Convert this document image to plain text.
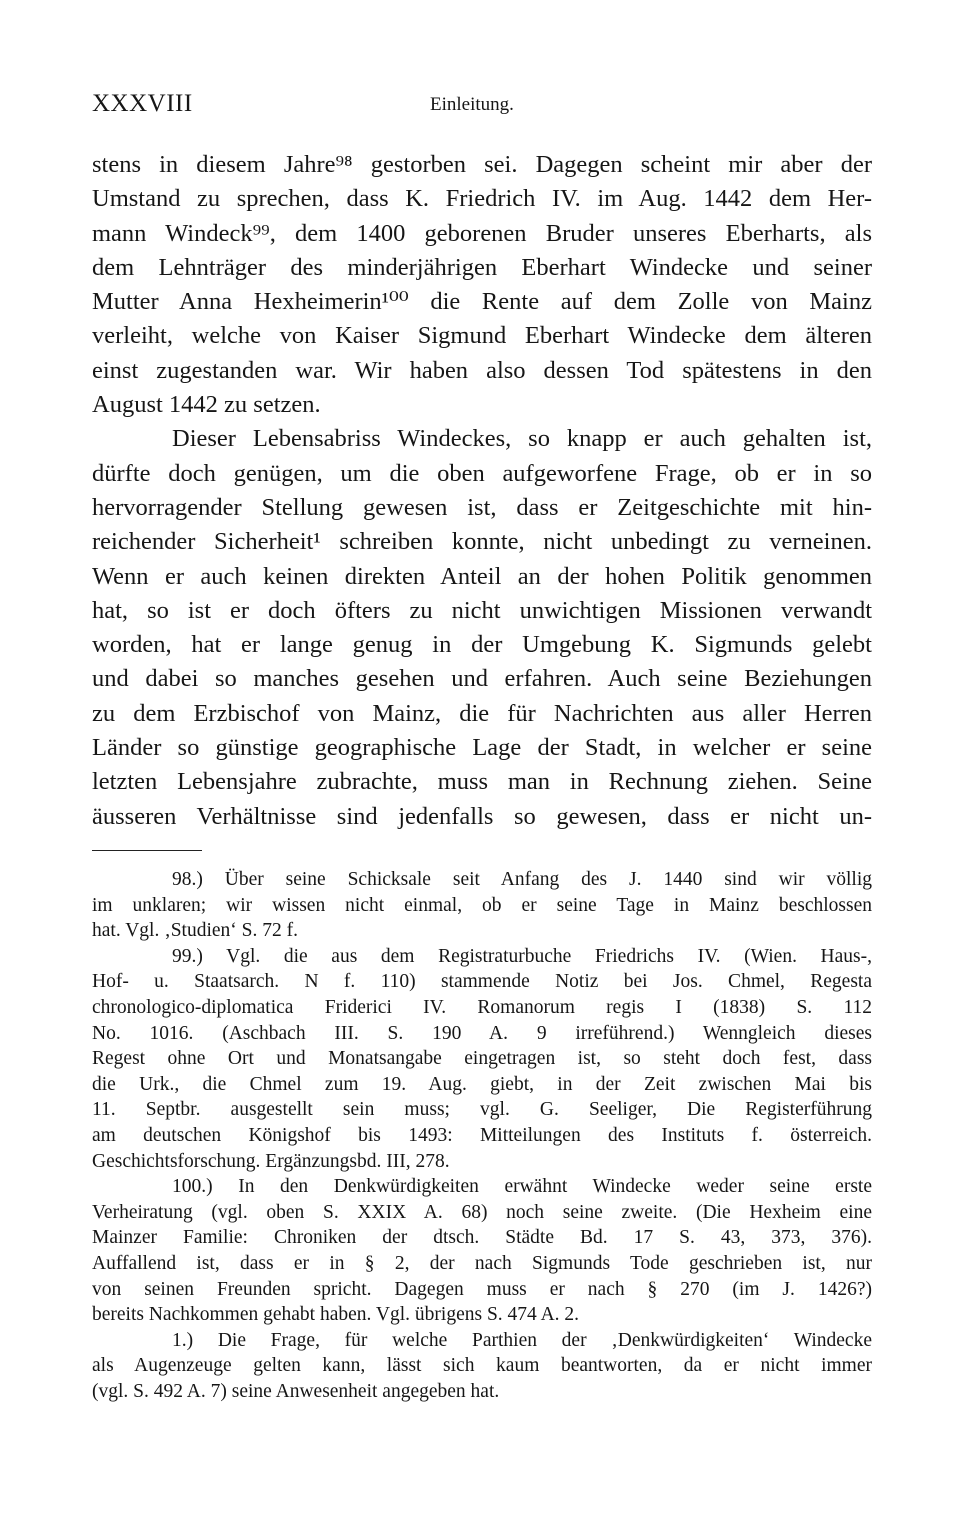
XXXVIII	Einleitung.

stens in diesem Jahre⁹⁸ gestorben sei. Dagegen scheint mir aber der
Umstand zu sprechen, dass K. Friedrich IV. im Aug. 1442 dem Her-
mann Windeck⁹⁹, dem 1400 geborenen Bruder unseres Eberharts, als
dem Lehnträger des minderjährigen Eberhart Windecke und seiner
Mutter Anna Hexheimerin¹⁰⁰ die Rente auf dem Zolle von Mainz
verleiht, welche von Kaiser Sigmund Eberhart Windecke dem älteren
einst zugestanden war. Wir haben also dessen Tod spätestens in den
August 1442 zu setzen.

Dieser Lebensabriss Windeckes, so knapp er auch gehalten ist,
dürfte doch genügen, um die oben aufgeworfene Frage, ob er in so
hervorragender Stellung gewesen ist, dass er Zeitgeschichte mit hin-
reichender Sicherheit¹ schreiben konnte, nicht unbedingt zu verneinen.
Wenn er auch keinen direkten Anteil an der hohen Politik genommen
hat, so ist er doch öfters zu nicht unwichtigen Missionen verwandt
worden, hat er lange genug in der Umgebung K. Sigmunds gelebt
und dabei so manches gesehen und erfahren. Auch seine Beziehungen
zu dem Erzbischof von Mainz, die für Nachrichten aus aller Herren
Länder so günstige geographische Lage der Stadt, in welcher er seine
letzten Lebensjahre zubrachte, muss man in Rechnung ziehen. Seine
äusseren Verhältnisse sind jedenfalls so gewesen, dass er nicht un-

98.) Über seine Schicksale seit Anfang des J. 1440 sind wir völlig
im unklaren; wir wissen nicht einmal, ob er seine Tage in Mainz beschlossen
hat. Vgl. ‚Studien‘ S. 72 f.

99.) Vgl. die aus dem Registraturbuche Friedrichs IV. (Wien. Haus-,
Hof- u. Staatsarch. N f. 110) stammende Notiz bei Jos. Chmel, Regesta
chronologico-diplomatica Friderici IV. Romanorum regis I (1838) S. 112
No. 1016. (Aschbach III. S. 190 A. 9 irreführend.) Wenngleich dieses
Regest ohne Ort und Monatsangabe eingetragen ist, so steht doch fest, dass
die Urk., die Chmel zum 19. Aug. giebt, in der Zeit zwischen Mai bis
11. Septbr. ausgestellt sein muss; vgl. G. Seeliger, Die Registerführung
am deutschen Königshof bis 1493: Mitteilungen des Instituts f. österreich.
Geschichtsforschung. Ergänzungsbd. III, 278.

100.) In den Denkwürdigkeiten erwähnt Windecke weder seine erste
Verheiratung (vgl. oben S. XXIX A. 68) noch seine zweite. (Die Hexheim eine
Mainzer Familie: Chroniken der dtsch. Städte Bd. 17 S. 43, 373, 376).
Auffallend ist, dass er in § 2, der nach Sigmunds Tode geschrieben ist, nur
von seinen Freunden spricht. Dagegen muss er nach § 270 (im J. 1426?)
bereits Nachkommen gehabt haben. Vgl. übrigens S. 474 A. 2.

1.) Die Frage, für welche Parthien der ‚Denkwürdigkeiten‘ Windecke
als Augenzeuge gelten kann, lässt sich kaum beantworten, da er nicht immer
(vgl. S. 492 A. 7) seine Anwesenheit angegeben hat.
